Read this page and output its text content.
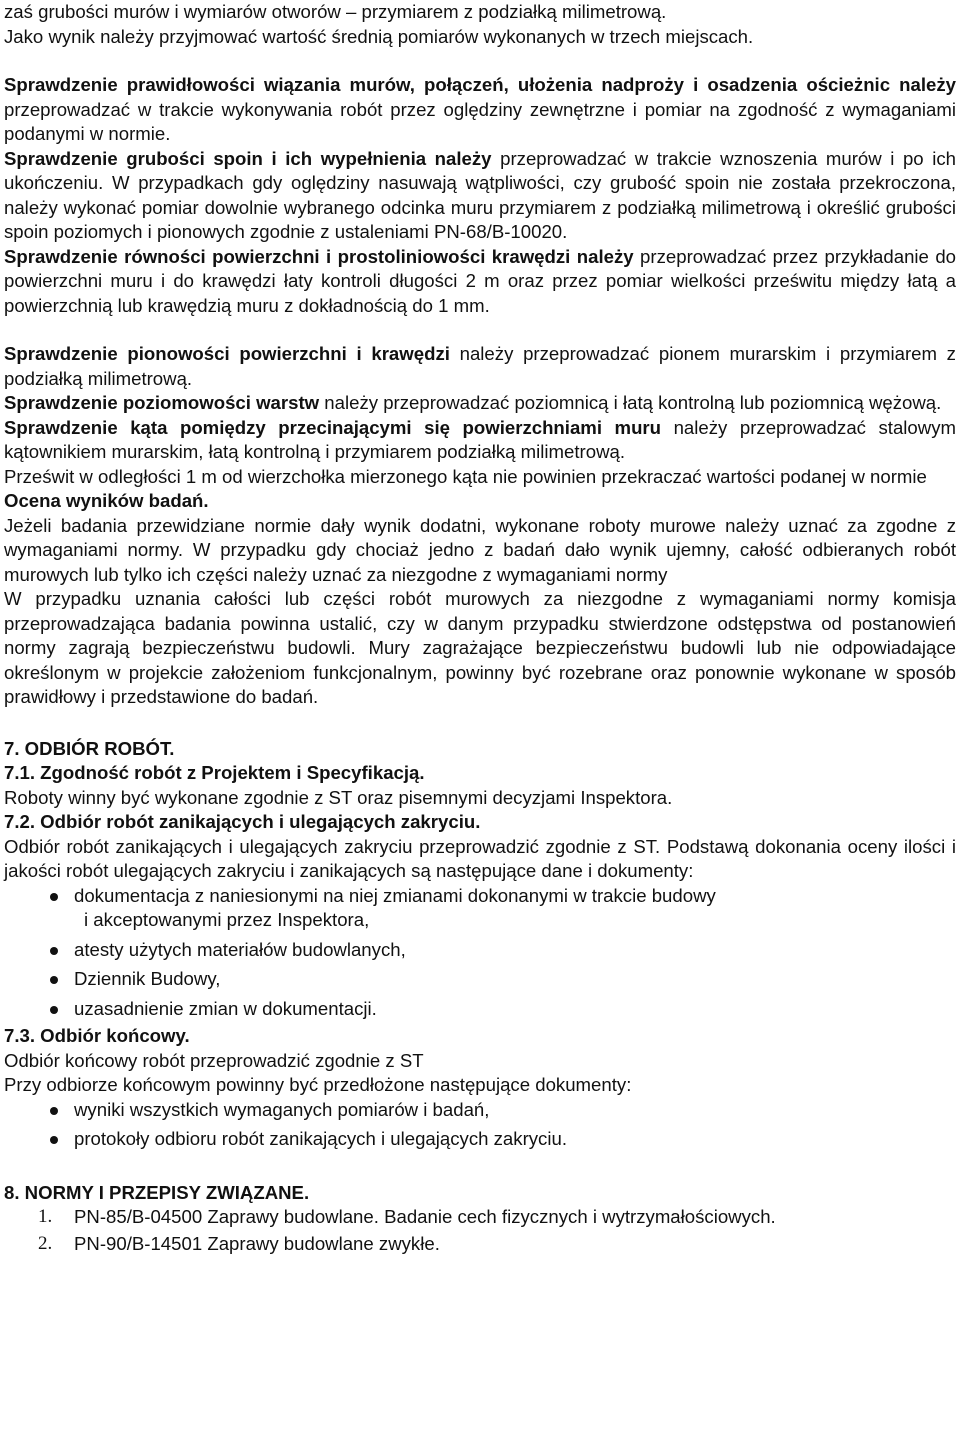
zaś grubości murów i wymiarów otworów – przymiarem z podziałką milimetrową.

Jako wynik należy przyjmować wartość średnią pomiarów wykonanych w trzech miejscach.

Sprawdzenie prawidłowości wiązania murów, połączeń, ułożenia nadproży i osadzenia ościeżnic należy przeprowadzać w trakcie wykonywania robót przez oględziny zewnętrzne i pomiar na zgodność z wymaganiami podanymi w normie.

Sprawdzenie grubości spoin i ich wypełnienia należy przeprowadzać w trakcie wznoszenia murów i po ich ukończeniu. W przypadkach gdy oględziny nasuwają wątpliwości, czy grubość spoin nie została przekroczona, należy wykonać pomiar dowolnie wybranego odcinka muru przymiarem z podziałką milimetrową i określić grubości spoin poziomych i pionowych zgodnie z ustaleniami PN-68/B-10020.

Sprawdzenie równości powierzchni i prostoliniowości krawędzi należy przeprowadzać przez przykładanie do powierzchni muru i do krawędzi łaty kontroli długości 2 m oraz przez pomiar wielkości prześwitu między łatą a powierzchnią lub krawędzią muru z dokładnością do 1 mm.

Sprawdzenie pionowości powierzchni i krawędzi należy przeprowadzać pionem murarskim i przymiarem z podziałką milimetrową.

Sprawdzenie poziomowości warstw należy przeprowadzać poziomnicą i łatą kontrolną lub poziomnicą wężową.

Sprawdzenie kąta pomiędzy przecinającymi się powierzchniami muru należy przeprowadzać stalowym kątownikiem murarskim, łatą kontrolną i przymiarem podziałką milimetrową.

Prześwit w odległości 1 m od wierzchołka mierzonego kąta nie powinien przekraczać wartości podanej w normie

Ocena wyników badań.

Jeżeli badania przewidziane normie dały wynik dodatni, wykonane roboty murowe należy uznać za zgodne z wymaganiami normy. W przypadku gdy chociaż jedno z badań dało wynik ujemny, całość odbieranych robót murowych lub tylko ich części należy uznać za niezgodne z wymaganiami normy

W przypadku uznania całości lub części robót murowych za niezgodne z wymaganiami normy komisja przeprowadzająca badania powinna ustalić, czy w danym przypadku stwierdzone odstępstwa od postanowień normy zagrają bezpieczeństwu budowli. Mury zagrażające bezpieczeństwu budowli lub nie odpowiadające określonym w projekcie założeniom funkcjonalnym, powinny być rozebrane oraz ponownie wykonane w sposób prawidłowy i przedstawione do badań.

7. ODBIÓR ROBÓT.

7.1. Zgodność robót z Projektem i Specyfikacją.

Roboty winny być wykonane zgodnie z ST oraz pisemnymi decyzjami Inspektora.

7.2. Odbiór robót zanikających i ulegających zakryciu.

Odbiór robót zanikających i ulegających zakryciu przeprowadzić zgodnie z ST. Podstawą dokonania oceny ilości i jakości robót ulegających zakryciu i zanikających są następujące dane i dokumenty:

dokumentacja z naniesionymi na niej zmianami dokonanymi w trakcie budowy
i akceptowanymi przez Inspektora,
atesty użytych materiałów budowlanych,
Dziennik Budowy,
uzasadnienie zmian w dokumentacji.

7.3. Odbiór końcowy.

Odbiór końcowy robót przeprowadzić zgodnie z ST

Przy odbiorze końcowym powinny być przedłożone następujące dokumenty:

wyniki wszystkich wymaganych pomiarów i badań,
protokoły odbioru robót zanikających i ulegających zakryciu.

8. NORMY I PRZEPISY ZWIĄZANE.

1. PN-85/B-04500 Zaprawy budowlane. Badanie cech fizycznych i wytrzymałościowych.
2. PN-90/B-14501 Zaprawy budowlane zwykłe.
